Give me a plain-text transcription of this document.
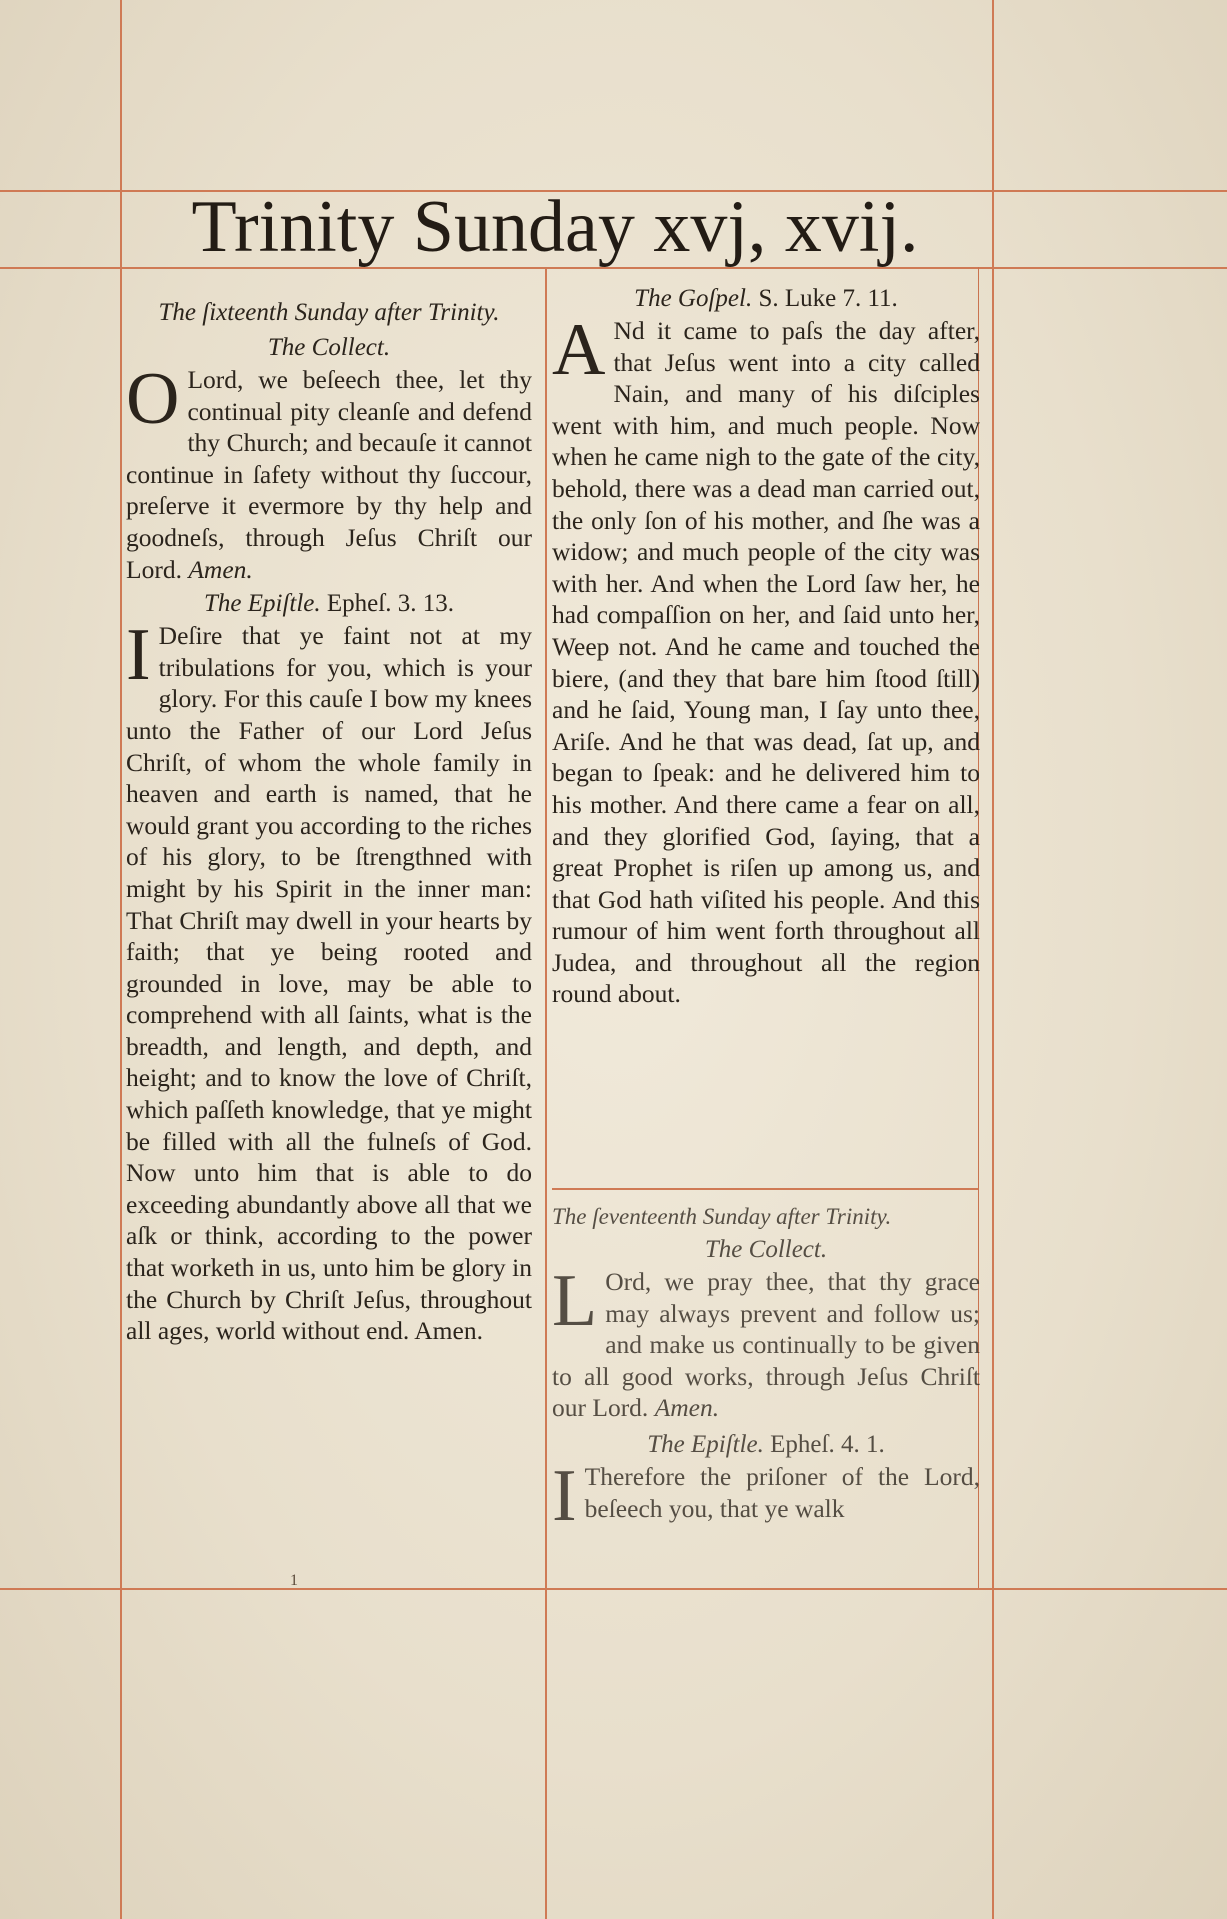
Trinity Sunday xvj, xvij.
The ſixteenth Sunday after Trinity.
The Collect.

O Lord, we beſeech thee, let thy continual pity cleanſe and defend thy Church; and becauſe it cannot continue in ſafety without thy ſuccour, preſerve it evermore by thy help and goodneſs, through Jeſus Chriſt our Lord. Amen.

The Epiſtle. Epheſ. 3. 13.

I Deſire that ye faint not at my tribulations for you, which is your glory. For this cauſe I bow my knees unto the Father of our Lord Jeſus Chriſt, of whom the whole family in heaven and earth is named, that he would grant you according to the riches of his glory, to be ſtrengthned with might by his Spirit in the inner man: That Chriſt may dwell in your hearts by faith; that ye being rooted and grounded in love, may be able to comprehend with all ſaints, what is the breadth, and length, and depth, and height; and to know the love of Chriſt, which paſſeth knowledge, that ye might be filled with all the fulneſs of God. Now unto him that is able to do exceeding abundantly above all that we aſk or think, according to the power that worketh in us, unto him be glory in the Church by Chriſt Jeſus, throughout all ages, world without end. Amen.

The Goſpel. S. Luke 7. 11.

A Nd it came to paſs the day after, that Jeſus went into a city called Nain, and many of his diſciples went with him, and much people. Now when he came nigh to the gate of the city, behold, there was a dead man carried out, the only ſon of his mother, and ſhe was a widow; and much people of the city was with her. And when the Lord ſaw her, he had compaſſion on her, and ſaid unto her, Weep not. And he came and touched the biere, (and they that bare him ſtood ſtill) and he ſaid, Young man, I ſay unto thee, Ariſe. And he that was dead, ſat up, and began to ſpeak: and he delivered him to his mother. And there came a fear on all, and they glorified God, ſaying, that a great Prophet is riſen up among us, and that God hath viſited his people. And this rumour of him went forth throughout all Judea, and throughout all the region round about.

The ſeventeenth Sunday after Trinity.
The Collect.

L Ord, we pray thee, that thy grace may always prevent and follow us; and make us continually to be given to all good works, through Jeſus Chriſt our Lord. Amen.

The Epiſtle. Epheſ. 4. 1.

I Therefore the priſoner of the Lord, beſeech you, that ye walk

1
